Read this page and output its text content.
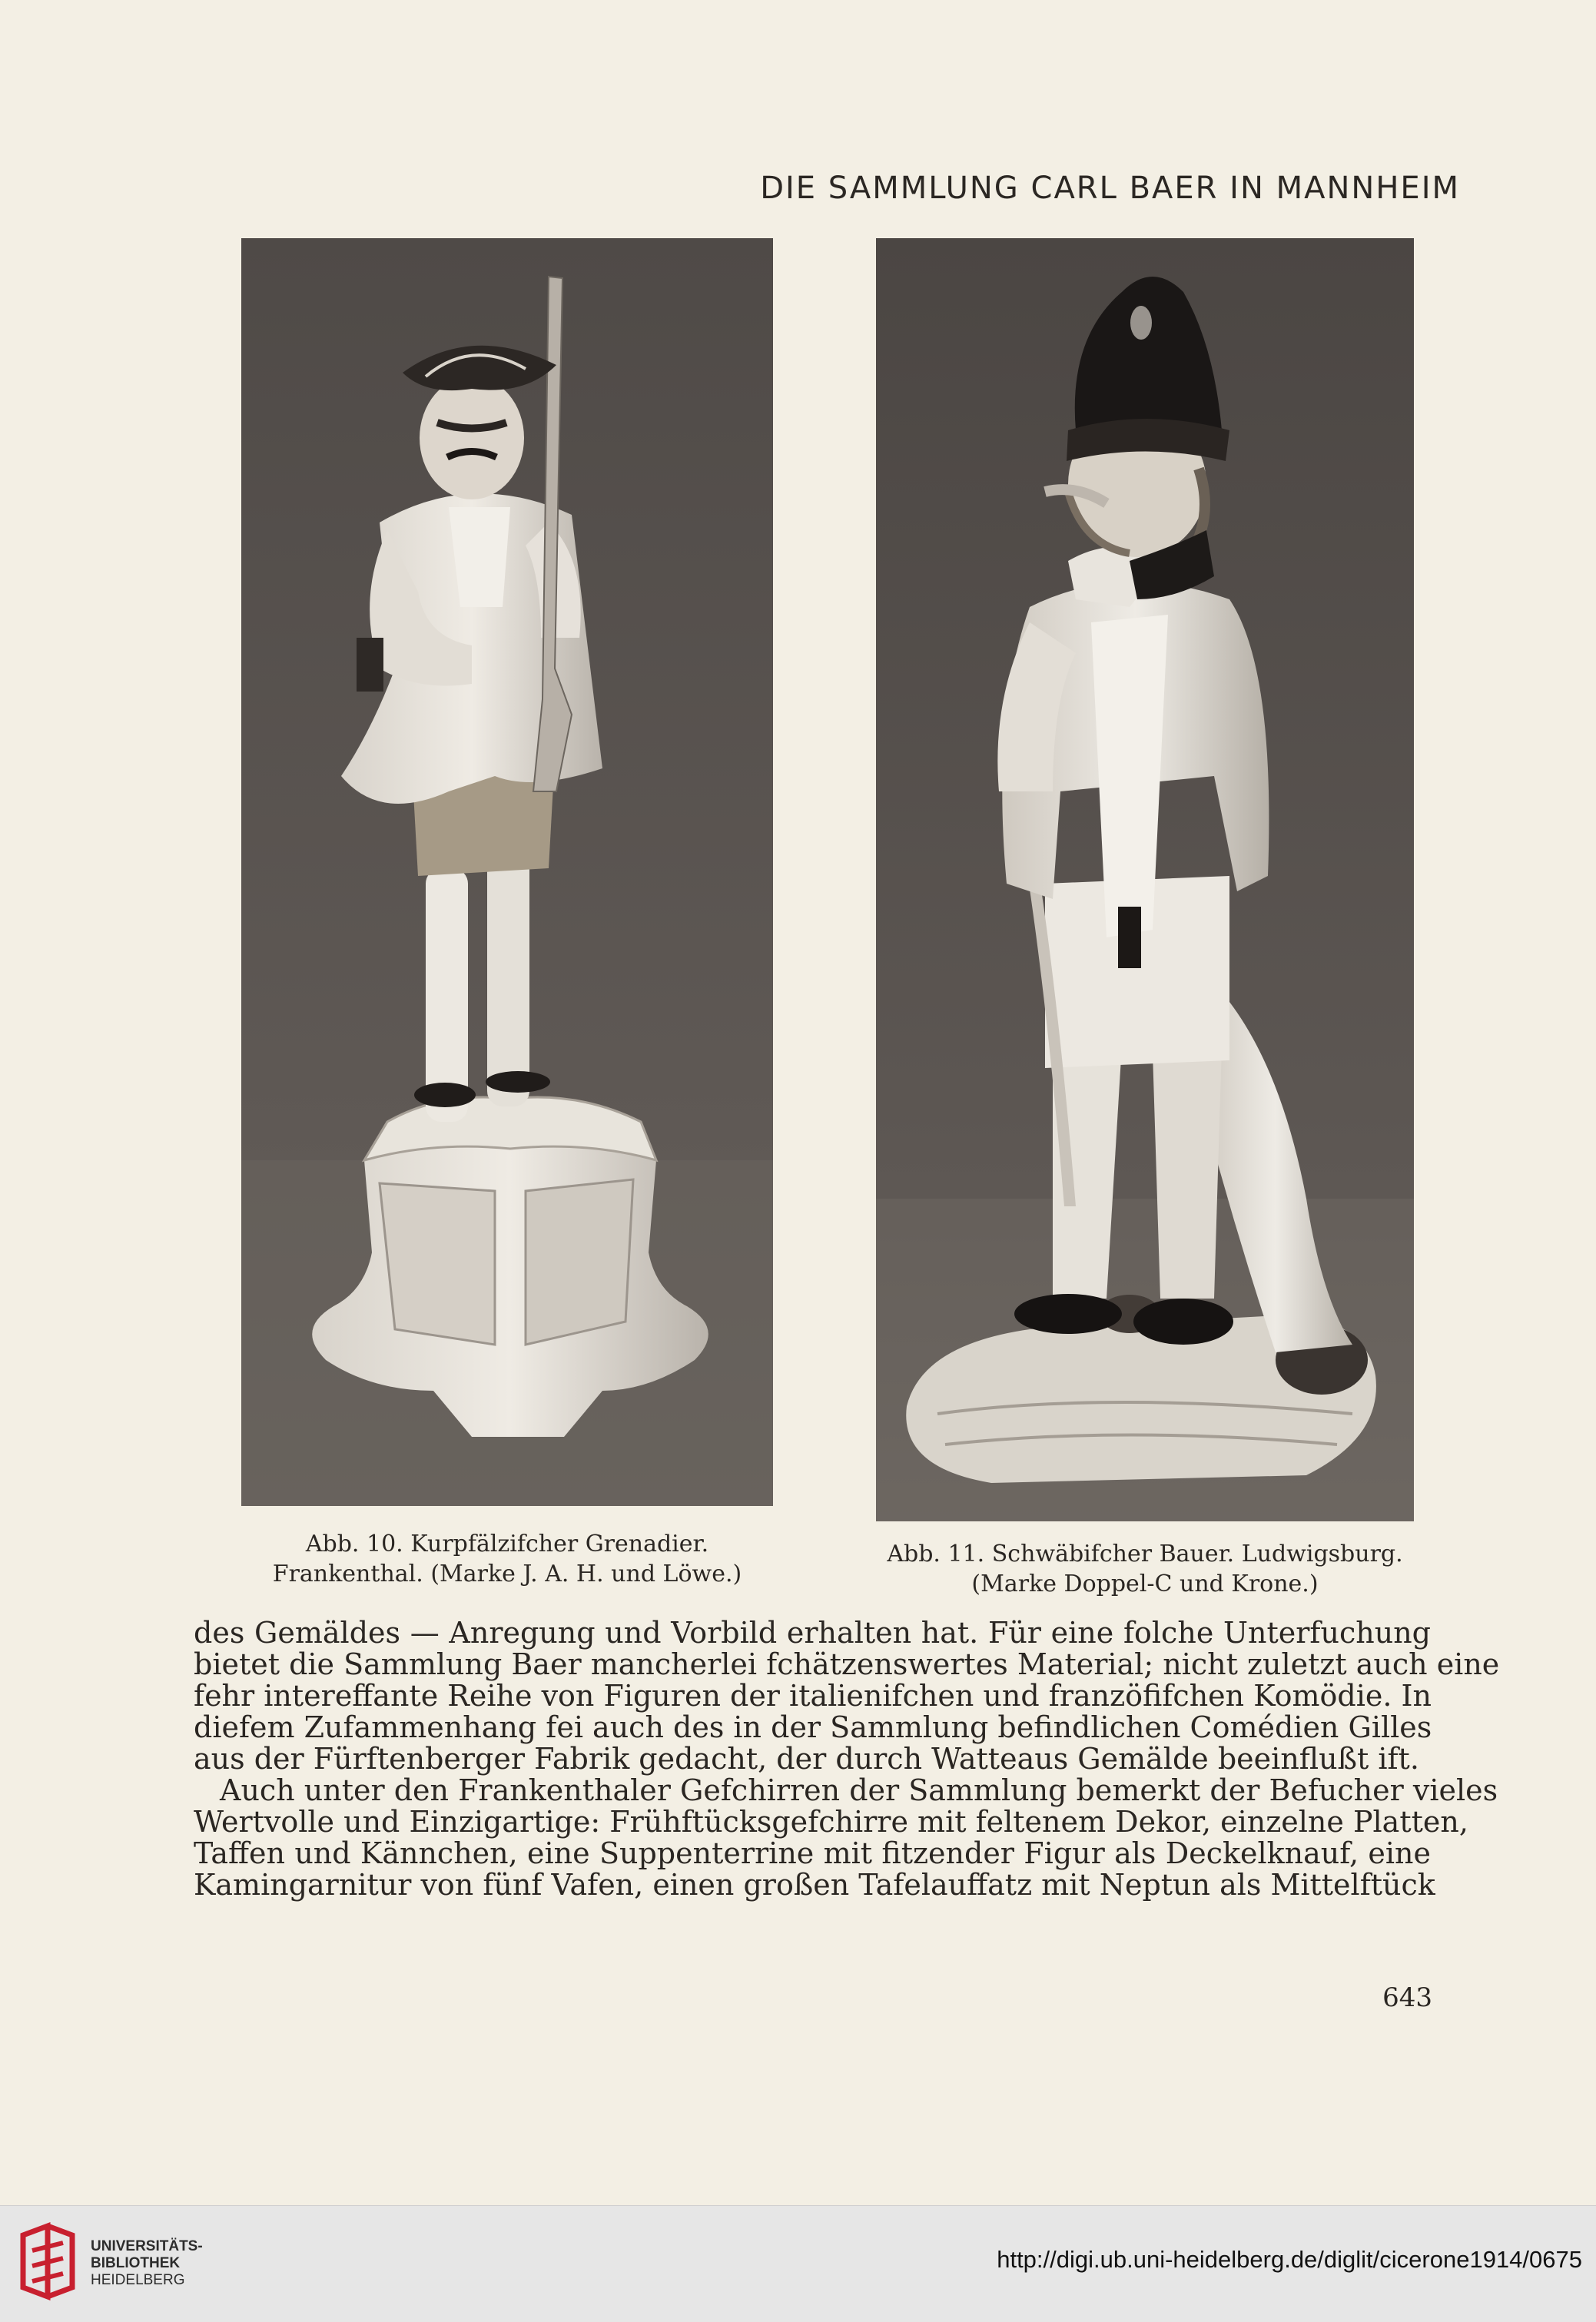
DIE SAMMLUNG CARL BAER IN MANNHEIM
Abb. 10. Kurpfälzifcher Grenadier.
Frankenthal. (Marke J. A. H. und Löwe.)
Abb. 11. Schwäbifcher Bauer. Ludwigsburg.
(Marke Doppel-C und Krone.)
des Gemäldes — Anregung und Vorbild erhalten hat. Für eine folche Unterfuchung
bietet die Sammlung Baer mancherlei fchätzenswertes Material; nicht zuletzt auch eine
fehr intereffante Reihe von Figuren der italienifchen und franzöfifchen Komödie. In
diefem Zufammenhang fei auch des in der Sammlung befindlichen Comédien Gilles
aus der Fürftenberger Fabrik gedacht, der durch Watteaus Gemälde beeinflußt ift.
Auch unter den Frankenthaler Gefchirren der Sammlung bemerkt der Befucher vieles
Wertvolle und Einzigartige: Frühftücksgefchirre mit feltenem Dekor, einzelne Platten,
Taffen und Kännchen, eine Suppenterrine mit fitzender Figur als Deckelknauf, eine
Kamingarnitur von fünf Vafen, einen großen Tafelauffatz mit Neptun als Mittelftück
643
UNIVERSITÄTS-
BIBLIOTHEK
HEIDELBERG
http://digi.ub.uni-heidelberg.de/diglit/cicerone1914/0675
